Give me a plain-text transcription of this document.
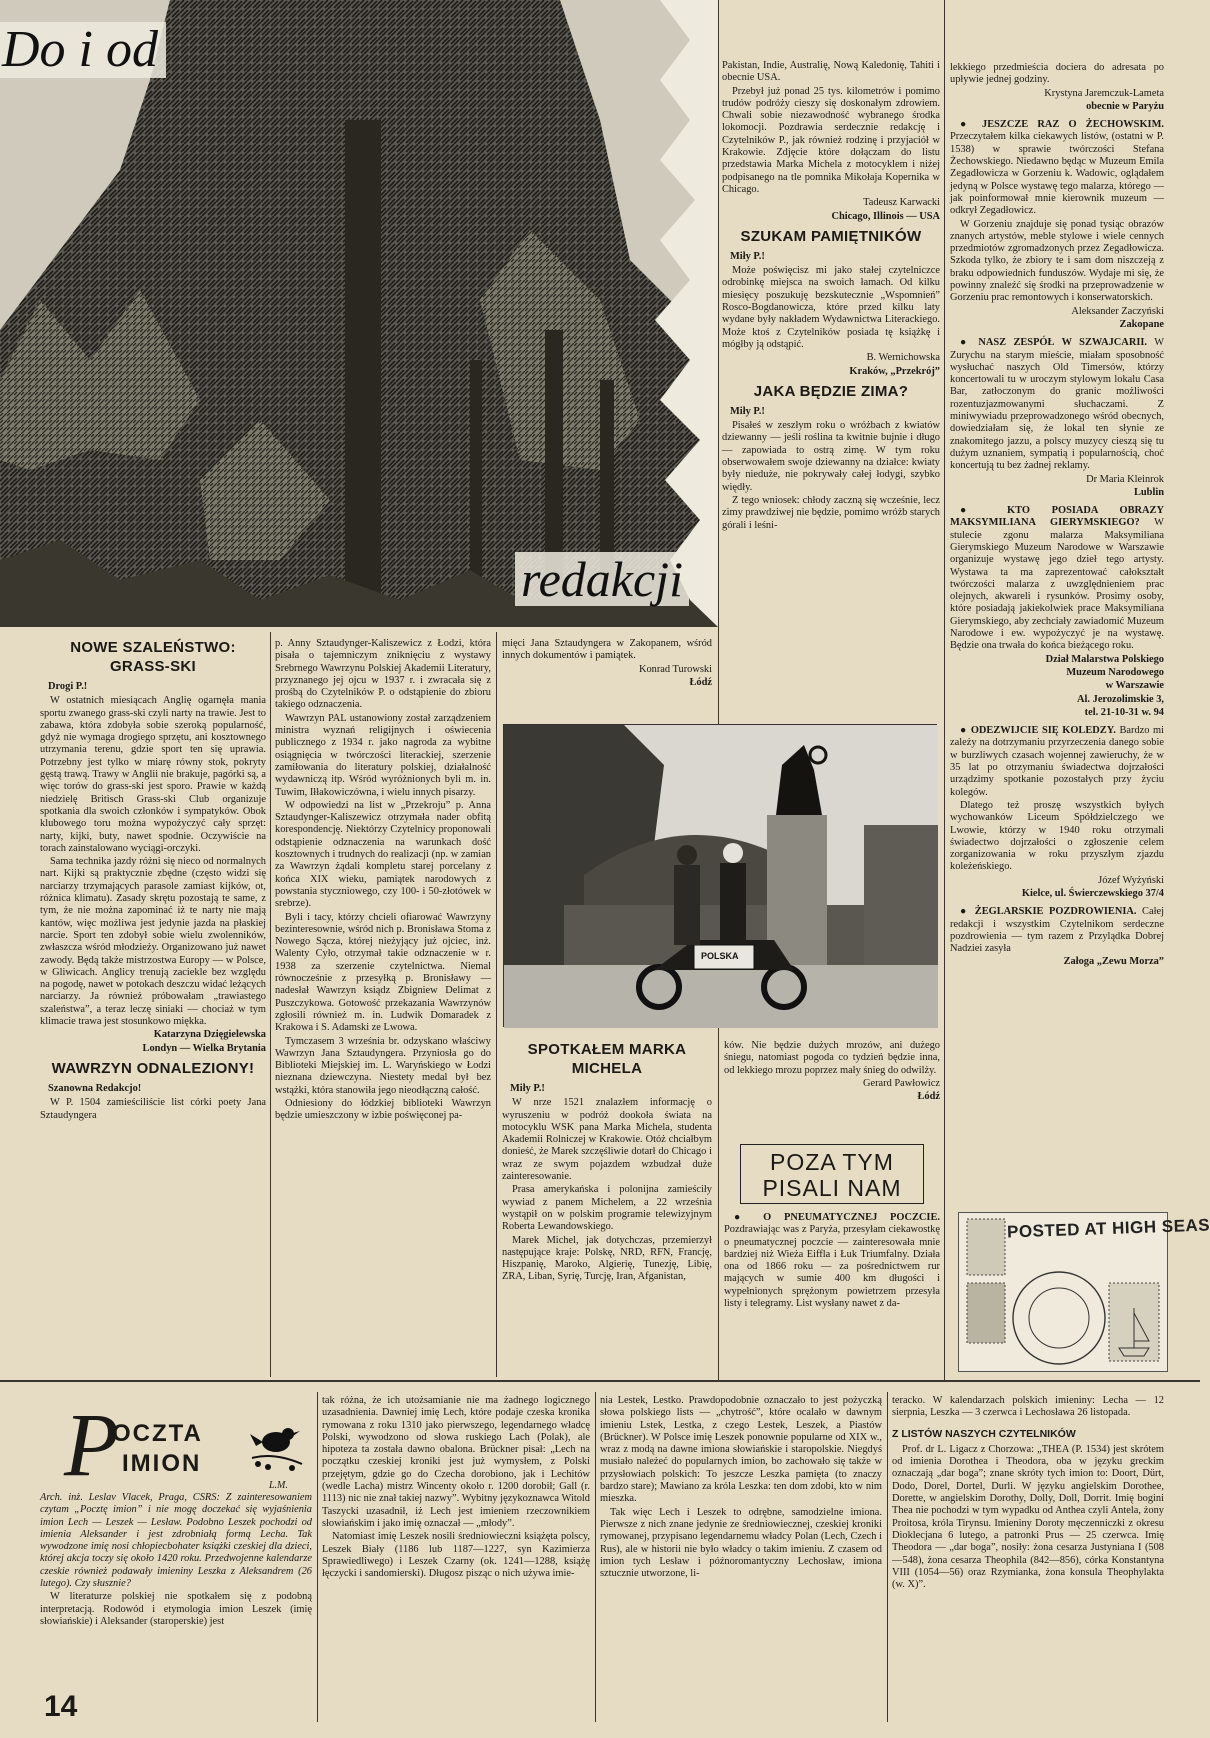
Do i od
redakcji

Pakistan, Indie, Australię, Nową Kaledonię, Tahiti i obecnie USA.

Przebył już ponad 25 tys. kilometrów i pomimo trudów podróży cieszy się doskonałym zdrowiem. Chwali sobie niezawodność wybranego środka lokomocji. Pozdrawia serdecznie redakcję i Czytelników P., jak również rodzinę i przyjaciół w Krakowie. Zdjęcie które dołączam do listu przedstawia Marka Michela z motocyklem i niżej podpisanego na tle pomnika Mikołaja Kopernika w Chicago.

Tadeusz Karwacki

Chicago, Illinois — USA

SZUKAM PAMIĘTNIKÓW

Miły P.!

Może poświęcisz mi jako stałej czytelniczce odrobinkę miejsca na swoich łamach. Od kilku miesięcy poszukuję bezskutecznie „Wspomnień” Rosco-Bogdanowicza, które przed kilku laty wydane były nakładem Wydawnictwa Literackiego. Może ktoś z Czytelników posiada tę książkę i mógłby ją odstąpić.

B. Wernichowska

Kraków, „Przekrój”

JAKA BĘDZIE ZIMA?

Miły P.!

Pisałeś w zeszłym roku o wróżbach z kwiatów dziewanny — jeśli roślina ta kwitnie bujnie i długo — zapowiada to ostrą zimę. W tym roku obserwowałem swoje dziewanny na działce: kwiaty były nieduże, nie pokrywały całej łodygi, szybko więdły.

Z tego wniosek: chłody zaczną się wcześnie, lecz zimy prawdziwej nie będzie, pomimo wróżb starych górali i leśni-

lekkiego przedmieścia dociera do adresata po upływie jednej godziny.

Krystyna Jaremczuk-Lameta

obecnie w Paryżu

● JESZCZE RAZ O ŻECHOWSKIM. Przeczytałem kilka ciekawych listów, (ostatni w P. 1538) w sprawie twórczości Stefana Żechowskiego. Niedawno będąc w Muzeum Emila Zegadłowicza w Gorzeniu k. Wadowic, oglądałem jedyną w Polsce wystawę tego malarza, którego — jak poinformował mnie kierownik muzeum — odkrył Zegadłowicz.

W Gorzeniu znajduje się ponad tysiąc obrazów znanych artystów, meble stylowe i wiele cennych przedmiotów zgromadzonych przez Zegadłowicza. Szkoda tylko, że zbiory te i sam dom niszczeją z braku odpowiednich funduszów. Wydaje mi się, że powinny znaleźć się środki na przeprowadzenie w Gorzeniu prac remontowych i konserwatorskich.

Aleksander Zaczyński

Zakopane

● NASZ ZESPÓŁ W SZWAJCARII. W Zurychu na starym mieście, miałam sposobność wysłuchać naszych Old Timersów, którzy koncertowali tu w uroczym stylowym lokalu Casa Bar, zatłoczonym do granic możliwości rozentuzjazmowanymi słuchaczami. Z miniwywiadu przeprowadzonego wśród obecnych, dowiedziałam się, że lokal ten słynie ze znakomitego jazzu, a polscy muzycy cieszą się tu dużym uznaniem, sympatią i popularnością, choć koncertują tu bez żadnej reklamy.

Dr Maria Kleinrok

Lublin

● KTO POSIADA OBRAZY MAKSYMILIANA GIERYMSKIEGO? W stulecie zgonu malarza Maksymiliana Gierymskiego Muzeum Narodowe w Warszawie organizuje wystawę jego dzieł tego artysty. Wystawa ta ma zaprezentować całokształt twórczości malarza z uwzględnieniem prac olejnych, akwareli i rysunków. Prosimy osoby, które posiadają jakiekolwiek prace Maksymiliana Gierymskiego, aby zechciały zawiadomić Muzeum Narodowe i ew. wypożyczyć je na wystawę. Będzie ona trwała do końca bieżącego roku.

Dział Malarstwa Polskiego

Muzeum Narodowego

w Warszawie

Al. Jerozolimskie 3,

tel. 21-10-31 w. 94

● ODEZWIJCIE SIĘ KOLEDZY. Bardzo mi zależy na dotrzymaniu przyrzeczenia danego sobie w burzliwych czasach wojennej zawieruchy, że w 35 lat po otrzymaniu świadectwa dojrzałości urządzimy spotkanie pozostałych przy życiu kolegów.

Dlatego też proszę wszystkich byłych wychowanków Liceum Spółdzielczego we Lwowie, którzy w 1940 roku otrzymali świadectwo dojrzałości o zgłoszenie celem zorganizowania w roku przyszłym zjazdu koleżeńskiego.

Józef Wyżyński

Kielce, ul. Świerczewskiego 37/4

● ŻEGLARSKIE POZDROWIENIA. Całej redakcji i wszystkim Czytelnikom serdeczne pozdrowienia — tym razem z Przylądka Dobrej Nadziei zasyła

Załoga „Zewu Morza”

POSTED AT HIGH SEAS
NOWE SZALEŃSTWO: GRASS-SKI

Drogi P.!

W ostatnich miesiącach Anglię ogarnęła mania sportu zwanego grass-ski czyli narty na trawie. Jest to zabawa, która zdobyła sobie szeroką popularność, gdyż nie wymaga drogiego sprzętu, ani kosztownego utrzymania terenu, gdzie sport ten się uprawia. Potrzebny jest tylko w miarę równy stok, pokryty gęstą trawą. Trawy w Anglii nie brakuje, pagórki są, a więc torów do grass-ski jest sporo. Prawie w każdą niedzielę Britisch Grass-ski Club organizuje spotkania dla swoich członków i sympatyków. Obok klubowego toru można wypożyczyć cały sprzęt: narty, kijki, buty, nawet spodnie. Oczywiście na torach zainstalowano wyciągi-orczyki.

Sama technika jazdy różni się nieco od normalnych nart. Kijki są praktycznie zbędne (często widzi się narciarzy trzymających parasole zamiast kijków, ot, różnica klimatu). Zasady skrętu pozostają te same, z tym, że nie można zapominać iż te narty nie mają kantów, więc możliwa jest jedynie jazda na płaskiej narcie. Sport ten zdobył sobie wielu zwolenników, zwłaszcza wśród młodzieży. Organizowano już nawet zawody. Będą także mistrzostwa Europy — w Polsce, w Gliwicach. Anglicy trenują zaciekle bez względu na pogodę, nawet w potokach deszczu widać leżących narciarzy. Ja również próbowałam „trawiastego szaleństwa”, a teraz leczę siniaki — chociaż w tym klimacie trawa jest stosunkowo miękka.

Katarzyna Dzięgielewska

Londyn — Wielka Brytania

WAWRZYN ODNALEZIONY!

Szanowna Redakcjo!

W P. 1504 zamieściliście list córki poety Jana Sztaudyngera

p. Anny Sztaudynger-Kaliszewicz z Łodzi, która pisała o tajemniczym zniknięciu z wystawy Srebrnego Wawrzynu Polskiej Akademii Literatury, przyznanego jej ojcu w 1937 r. i zwracała się z prośbą do Czytelników P. o odstąpienie do zbioru takiego odznaczenia.

Wawrzyn PAL ustanowiony został zarządzeniem ministra wyznań religijnych i oświecenia publicznego z 1934 r. jako nagroda za wybitne osiągnięcia w twórczości literackiej, szerzenie zamiłowania do literatury polskiej, działalność wydawniczą itp. Wśród wyróżnionych byli m. in. Tuwim, Iłłakowiczówna, i wielu innych pisarzy.

W odpowiedzi na list w „Przekroju” p. Anna Sztaudynger-Kaliszewicz otrzymała nader obfitą korespondencję. Niektórzy Czytelnicy proponowali odstąpienie odznaczenia na warunkach dość kosztownych i trudnych do realizacji (np. w zamian za Wawrzyn żądali kompletu starej porcelany z końca XIX wieku, pamiątek narodowych z powstania styczniowego, czy 100- i 50-złotówek w srebrze).

Byli i tacy, którzy chcieli ofiarować Wawrzyny bezinteresownie, wśród nich p. Bronisława Stoma z Nowego Sącza, której nieżyjący już ojciec, inż. Walenty Cyło, otrzymał takie odznaczenie w r. 1938 za szerzenie czytelnictwa. Niemal równocześnie z przesyłką p. Bronisławy — nadesłał Wawrzyn ksiądz Zbigniew Delimat z Puszczykowa. Gotowość przekazania Wawrzynów zgłosili również m. in. Ludwik Domaradek z Krakowa i S. Adamski ze Lwowa.

Tymczasem 3 września br. odzyskano właściwy Wawrzyn Jana Sztaudyngera. Przyniosła go do Biblioteki Miejskiej im. L. Waryńskiego w Łodzi nieznana dziewczyna. Niestety medal był bez wstążki, która stanowiła jego nieodłączną całość.

Odniesiony do łódzkiej biblioteki Wawrzyn będzie umieszczony w izbie poświęconej pa-

mięci Jana Sztaudyngera w Zakopanem, wśród innych dokumentów i pamiątek.

Konrad Turowski

Łódź

POLSKA
SPOTKAŁEM MARKA MICHELA

Miły P.!

W nrze 1521 znalazłem informację o wyruszeniu w podróż dookoła świata na motocyklu WSK pana Marka Michela, studenta Akademii Rolniczej w Krakowie. Otóż chciałbym donieść, że Marek szczęśliwie dotarł do Chicago i wraz ze swym pojazdem wzbudzał duże zainteresowanie.

Prasa amerykańska i polonijna zamieściły wywiad z panem Michelem, a 22 września wystąpił on w polskim programie telewizyjnym Roberta Lewandowskiego.

Marek Michel, jak dotychczas, przemierzył następujące kraje: Polskę, NRD, RFN, Francję, Hiszpanię, Maroko, Algierię, Tunezję, Libię, ZRA, Liban, Syrię, Turcję, Iran, Afganistan,

ków. Nie będzie dużych mrozów, ani dużego śniegu, natomiast pogoda co tydzień będzie inna, od lekkiego mrozu poprzez mały śnieg do odwilży.

Gerard Pawłowicz

Łódź

POZA TYM
PISALI NAM

● O PNEUMATYCZNEJ POCZCIE. Pozdrawiając was z Paryża, przesyłam ciekawostkę o pneumatycznej poczcie — zainteresowała mnie bardziej niż Wieża Eiffla i Łuk Triumfalny. Działa ona od 1866 roku — za pośrednictwem rur mających w sumie 400 km długości i wypełnionych sprężonym powietrzem przesyła listy i telegramy. List wysłany nawet z da-

P
OCZTA
IMION
L.M.

Arch. inż. Leslav Vlacek, Praga, CSRS: Z zainteresowaniem czytam „Pocztę imion” i nie mogę doczekać się wyjaśnienia imion Lech — Leszek — Lesław. Podobno Leszek pochodzi od imienia Aleksander i jest zdrobniałą formą Lecha. Tak wywodzone imię nosi chłopiecbohater książki czeskiej dla dzieci, której akcja toczy się około 1420 roku. Przedwojenne kalendarze czeskie również podawały imieniny Leszka z Aleksandrem (26 lutego). Czy słusznie?

W literaturze polskiej nie spotkałem się z podobną interpretacją. Rodowód i etymologia imion Leszek (imię słowiańskie) i Aleksander (staroperskie) jest

tak różna, że ich utożsamianie nie ma żadnego logicznego uzasadnienia. Dawniej imię Lech, które podaje czeska kronika rymowana z roku 1310 jako pierwszego, legendarnego władcę Polski, wywodzono od słowa ruskiego Lach (Polak), ale hipoteza ta została dawno obalona. Brückner pisał: „Lech na początku czeskiej kroniki jest już wymysłem, z Polski przejętym, gdzie go do Czecha dorobiono, jak i Lechitów (wedle Lacha) mistrz Wincenty około r. 1200 dorobił; Gall (r. 1113) nic nie znał takiej nazwy”. Wybitny językoznawca Witold Taszycki uzasadnił, iż Lech jest imieniem rzeczownikiem słowiańskim i jako imię oznaczał — „młody”.

Natomiast imię Leszek nosili średniowieczni książęta polscy, Leszek Biały (1186 lub 1187—1227, syn Kazimierza Sprawiedliwego) i Leszek Czarny (ok. 1241—1288, książę łęczycki i sandomierski). Długosz pisząc o nich używa imie-

nia Lestek, Lestko. Prawdopodobnie oznaczało to jest pożyczką słowa polskiego lists — „chytrość”, które ocalało w dawnym imieniu Lstek, Lestka, z czego Lestek, Leszek, a Piastów (Brückner). W Polsce imię Leszek ponownie popularne od XIX w., wraz z modą na dawne imiona słowiańskie i staropolskie. Niegdyś musiało należeć do popularnych imion, bo zachowało się także w przysłowiach polskich: To jeszcze Leszka pamięta (to znaczy bardzo stare); Mawiano za króla Leszka: ten dom zdobi, kto w nim mieszka.

Tak więc Lech i Leszek to odrębne, samodzielne imiona. Pierwsze z nich znane jedynie ze średniowiecznej, czeskiej kroniki rymowanej, przypisano legendarnemu władcy Polan (Lech, Czech i Rus), ale w historii nie było władcy o takim imieniu. Z czasem od imion tych Lesław i późnoromantyczny Lechosław, imiona sztucznie utworzone, li-

teracko. W kalendarzach polskich imieniny: Lecha — 12 sierpnia, Leszka — 3 czerwca i Lechosława 26 listopada.

Z LISTÓW NASZYCH CZYTELNIKÓW

Prof. dr L. Ligacz z Chorzowa: „THEA (P. 1534) jest skrótem od imienia Dorothea i Theodora, oba w języku greckim oznaczają „dar boga”; znane skróty tych imion to: Doort, Dürt, Dodo, Dorel, Dortel, Durli. W języku angielskim Dorothee, Dorette, w angielskim Dorothy, Dolly, Doll, Dorrit. Imię bogini Thea nie pochodzi w tym wypadku od Anthea czyli Antela, żony Proitosa, króla Tirynsu. Imieniny Doroty męczenniczki z okresu Dioklecjana 6 lutego, a patronki Prus — 25 czerwca. Imię Theodora — „dar boga”, nosiły: żona cesarza Justyniana I (508—548), żona cesarza Theophila (842—856), córka Konstantyna VIII (1054—56) oraz Rzymianka, żona konsula Theophylakta (w. X)”.

14
